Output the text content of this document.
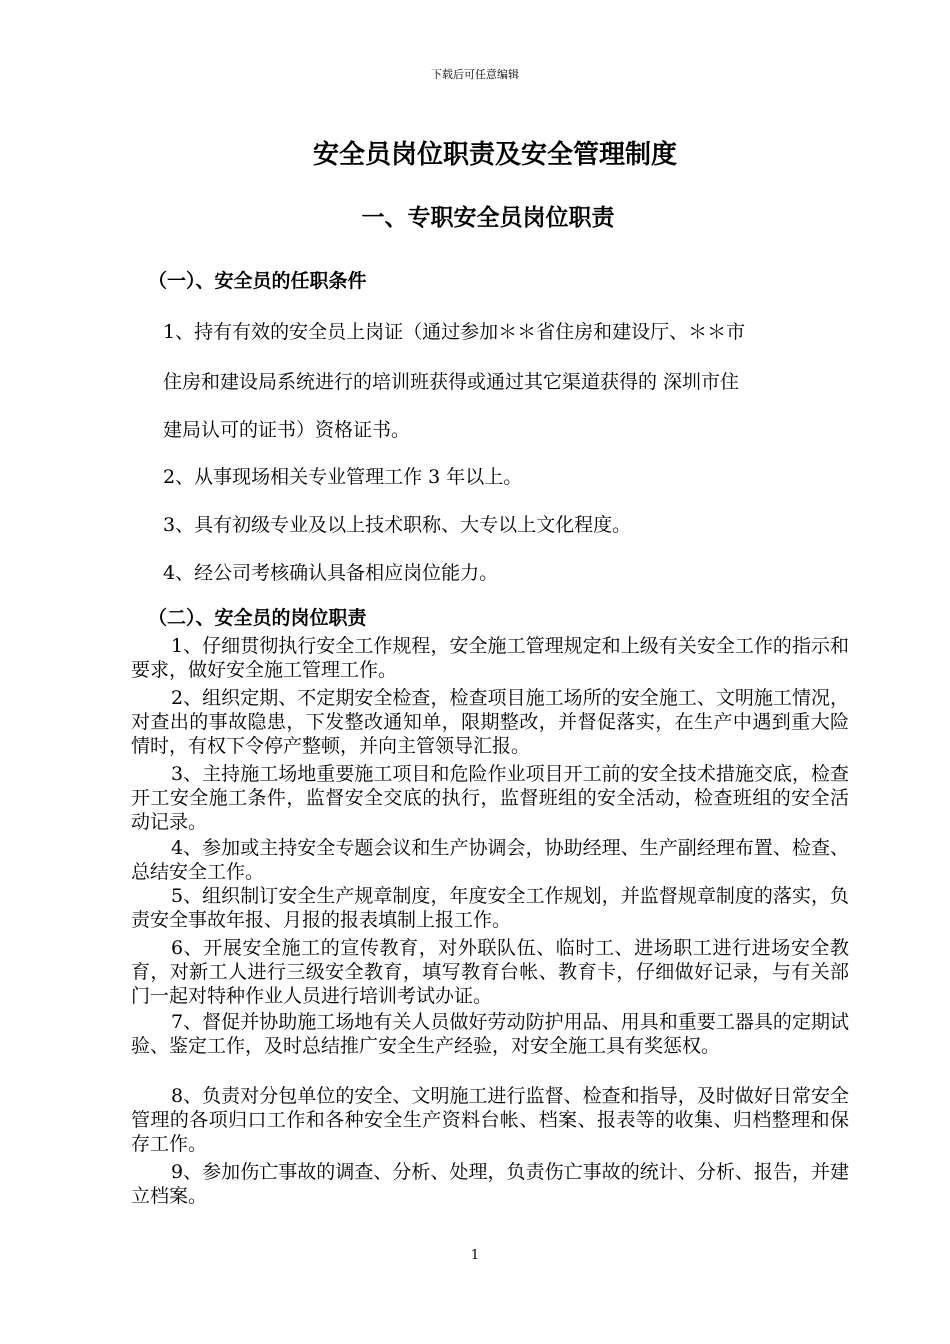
下载后可任意编辑
安全员岗位职责及安全管理制度
一、专职安全员岗位职责
（一）、安全员的任职条件
1、持有有效的安全员上岗证（通过参加＊＊省住房和建设厅、＊＊市
住房和建设局系统进行的培训班获得或通过其它渠道获得的 深圳市住
建局认可的证书）资格证书。
2、从事现场相关专业管理工作 3 年以上。
3、具有初级专业及以上技术职称、大专以上文化程度。
4、经公司考核确认具备相应岗位能力。
（二）、安全员的岗位职责

1、仔细贯彻执行安全工作规程，安全施工管理规定和上级有关安全工作的指示和要求，做好安全施工管理工作。

2、组织定期、不定期安全检查，检查项目施工场所的安全施工、文明施工情况，对查出的事故隐患，下发整改通知单，限期整改，并督促落实，在生产中遇到重大险情时，有权下令停产整顿，并向主管领导汇报。

3、主持施工场地重要施工项目和危险作业项目开工前的安全技术措施交底，检查开工安全施工条件，监督安全交底的执行，监督班组的安全活动，检查班组的安全活动记录。

4、参加或主持安全专题会议和生产协调会，协助经理、生产副经理布置、检查、总结安全工作。

5、组织制订安全生产规章制度，年度安全工作规划，并监督规章制度的落实，负责安全事故年报、月报的报表填制上报工作。

6、开展安全施工的宣传教育，对外联队伍、临时工、进场职工进行进场安全教育，对新工人进行三级安全教育，填写教育台帐、教育卡，仔细做好记录，与有关部门一起对特种作业人员进行培训考试办证。

7、督促并协助施工场地有关人员做好劳动防护用品、用具和重要工器具的定期试验、鉴定工作，及时总结推广安全生产经验，对安全施工具有奖惩权。

8、负责对分包单位的安全、文明施工进行监督、检查和指导，及时做好日常安全管理的各项归口工作和各种安全生产资料台帐、档案、报表等的收集、归档整理和保存工作。

9、参加伤亡事故的调查、分析、处理，负责伤亡事故的统计、分析、报告，并建立档案。

1
